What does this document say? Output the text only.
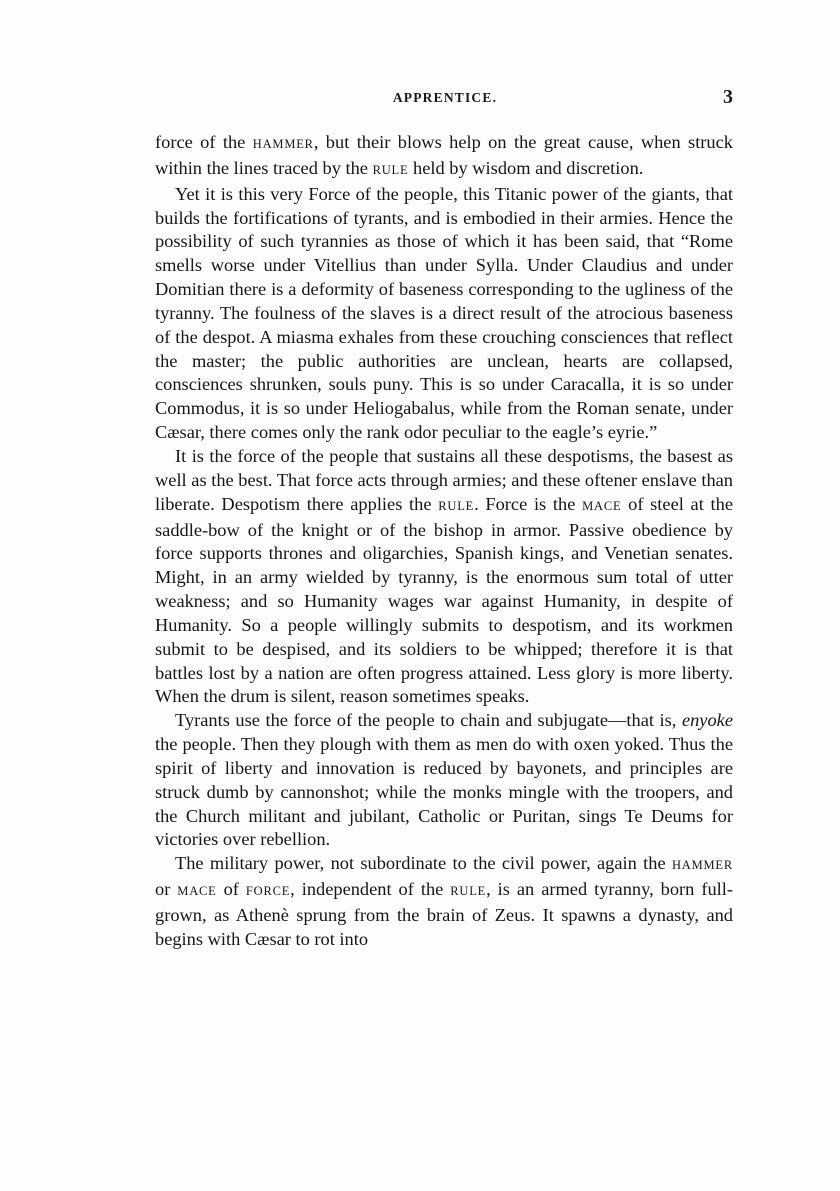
APPRENTICE.	3

force of the HAMMER, but their blows help on the great cause, when struck within the lines traced by the RULE held by wisdom and discretion.

Yet it is this very Force of the people, this Titanic power of the giants, that builds the fortifications of tyrants, and is embodied in their armies. Hence the possibility of such tyrannies as those of which it has been said, that “Rome smells worse under Vitellius than under Sylla. Under Claudius and under Domitian there is a deformity of baseness corresponding to the ugliness of the tyranny. The foulness of the slaves is a direct result of the atrocious baseness of the despot. A miasma exhales from these crouching consciences that reflect the master; the public authorities are unclean, hearts are collapsed, consciences shrunken, souls puny. This is so under Caracalla, it is so under Commodus, it is so under Heliogabalus, while from the Roman senate, under Cæsar, there comes only the rank odor peculiar to the eagle’s eyrie.”

It is the force of the people that sustains all these despotisms, the basest as well as the best. That force acts through armies; and these oftener enslave than liberate. Despotism there applies the RULE. Force is the MACE of steel at the saddle-bow of the knight or of the bishop in armor. Passive obedience by force supports thrones and oligarchies, Spanish kings, and Venetian senates. Might, in an army wielded by tyranny, is the enormous sum total of utter weakness; and so Humanity wages war against Humanity, in despite of Humanity. So a people willingly submits to despotism, and its workmen submit to be despised, and its soldiers to be whipped; therefore it is that battles lost by a nation are often progress attained. Less glory is more liberty. When the drum is silent, reason sometimes speaks.

Tyrants use the force of the people to chain and subjugate—that is, enyoke the people. Then they plough with them as men do with oxen yoked. Thus the spirit of liberty and innovation is reduced by bayonets, and principles are struck dumb by cannonshot; while the monks mingle with the troopers, and the Church militant and jubilant, Catholic or Puritan, sings Te Deums for victories over rebellion.

The military power, not subordinate to the civil power, again the HAMMER or MACE of FORCE, independent of the RULE, is an armed tyranny, born full-grown, as Athenè sprung from the brain of Zeus. It spawns a dynasty, and begins with Cæsar to rot into
